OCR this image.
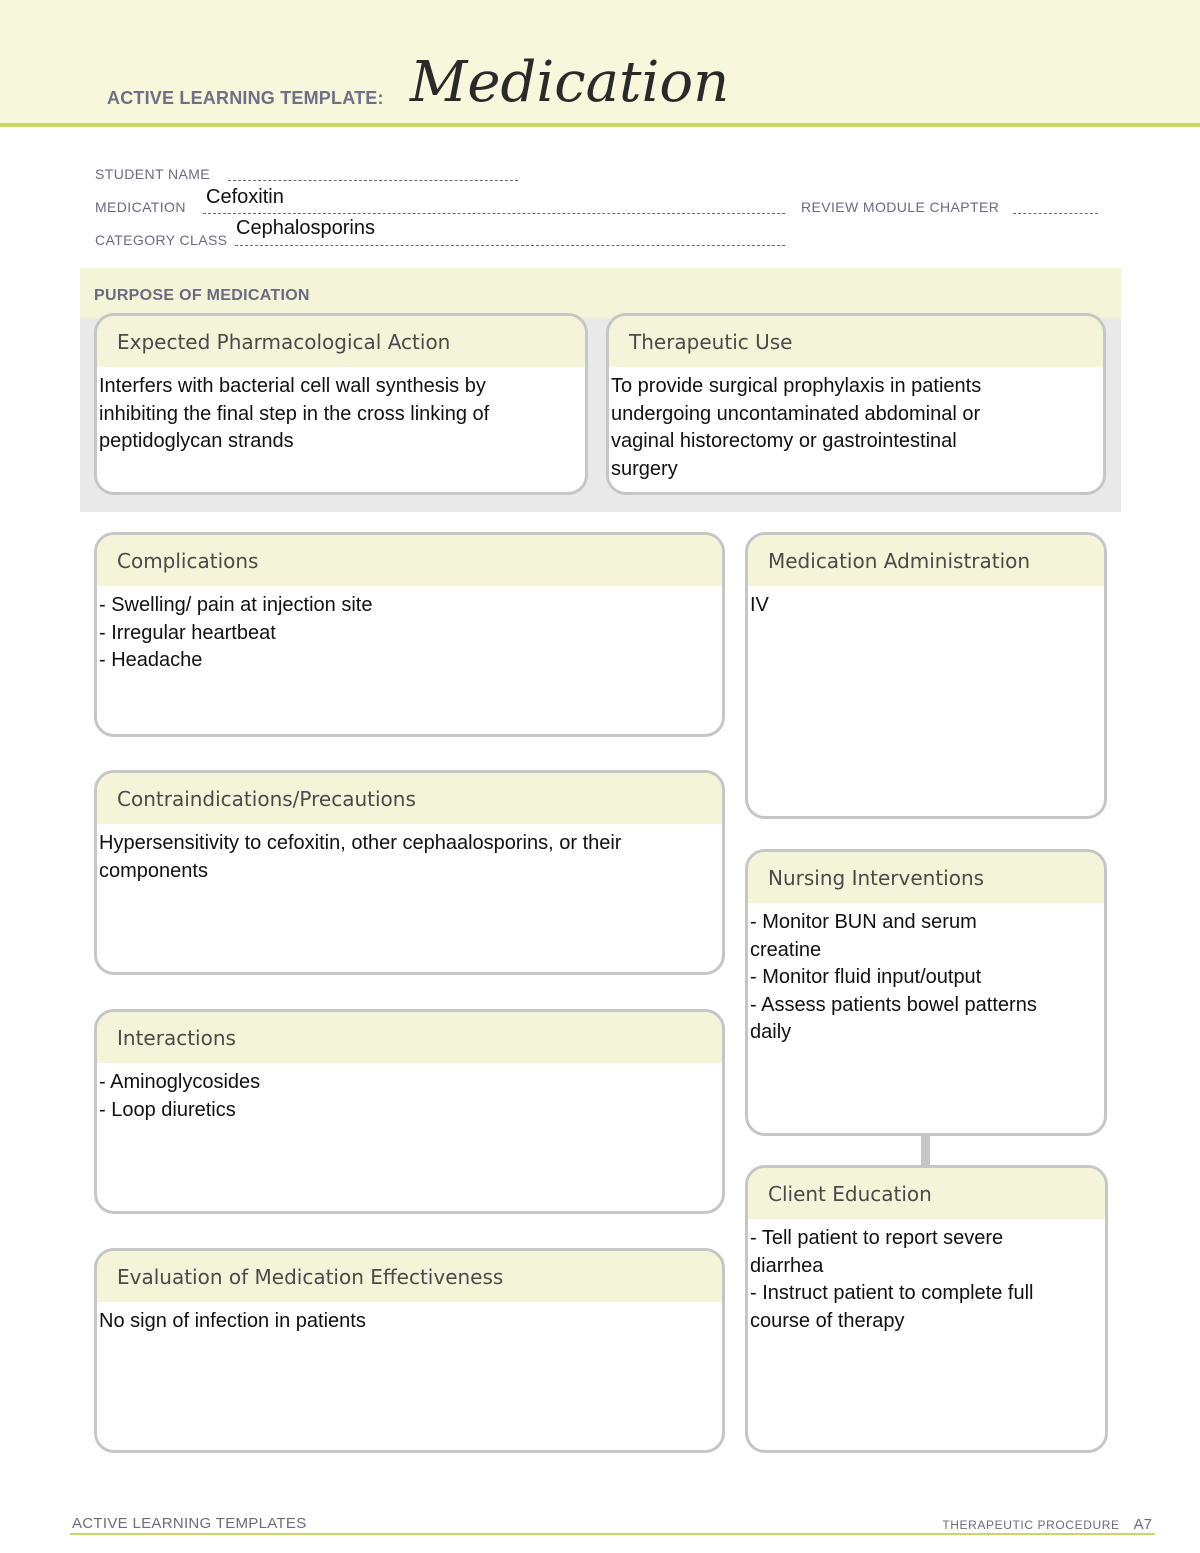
ACTIVE LEARNING TEMPLATE: Medication
STUDENT NAME
MEDICATION Cefoxitin	REVIEW MODULE CHAPTER
CATEGORY CLASS
Cephalosporins
PURPOSE OF MEDICATION
Expected Pharmacological Action
Interfers with bacterial cell wall synthesis by
inhibiting the final step in the cross linking of
peptidoglycan strands
Therapeutic Use
To provide surgical prophylaxis in patients
undergoing uncontaminated abdominal or
vaginal historectomy or gastrointestinal
surgery
Complications
- Swelling/ pain at injection site
- Irregular heartbeat
- Headache
Contraindications/Precautions
Hypersensitivity to cefoxitin, other cephaalosporins, or their
components
Interactions
- Aminoglycosides
- Loop diuretics
Evaluation of Medication Effectiveness
No sign of infection in patients
Medication Administration
IV
Nursing Interventions
- Monitor BUN and serum
creatine
- Monitor fluid input/output
- Assess patients bowel patterns
daily
Client Education
- Tell patient to report severe
diarrhea
- Instruct patient to complete full
course of therapy
ACTIVE LEARNING TEMPLATES	THERAPEUTIC PROCEDURE A7
